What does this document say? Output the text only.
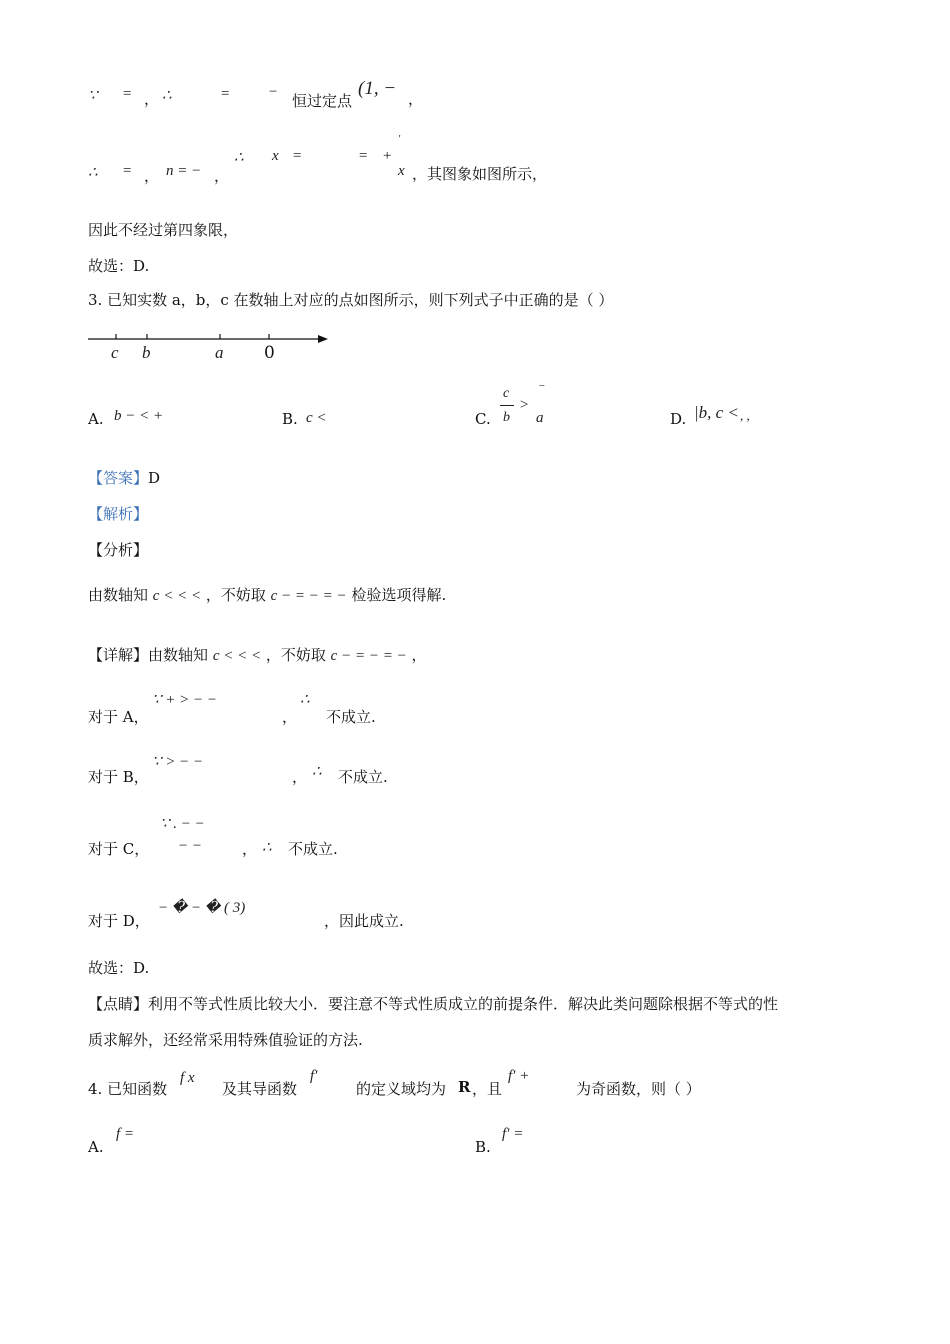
∵ = ， ∴	=	− 恒过定点
(1, − ，
∴ = ， n = − ，
∴ x =	= +
'
x ，其图象如图所示，
因此不经过第四象限，
故选：D.
3. 已知实数 a，b，c 在数轴上对应的点如图所示，则下列式子中正确的是（ ）
c b	a 0
A. b − < +	B. c <	C.
c
b
>
−
a	D. |b, c < , ,
【答案】D
【解析】
【分析】
由数轴知 c < < < ，不妨取 c − = − = − 检验选项得解.
【详解】由数轴知 c < < < ，不妨取 c − = − = − ，
对于 A，
∵ + > − −
，
∴
不成立.
对于 B，
∵ > − −
， ∴ 不成立.
对于 C，
∵ . − −
− −	， ∴ 不成立.
对于 D，
− � − � ( 3)
，因此成立.
故选：D.
【点睛】利用不等式性质比较大小．要注意不等式性质成立的前提条件．解决此类问题除根据不等式的性
质求解外，还经常采用特殊值验证的方法.
4. 已知函数
f x
及其导函数
f′
的定义域均为 R ，且
f′ +
为奇函数，则（ ）
A.
f =
B.
f′ =
